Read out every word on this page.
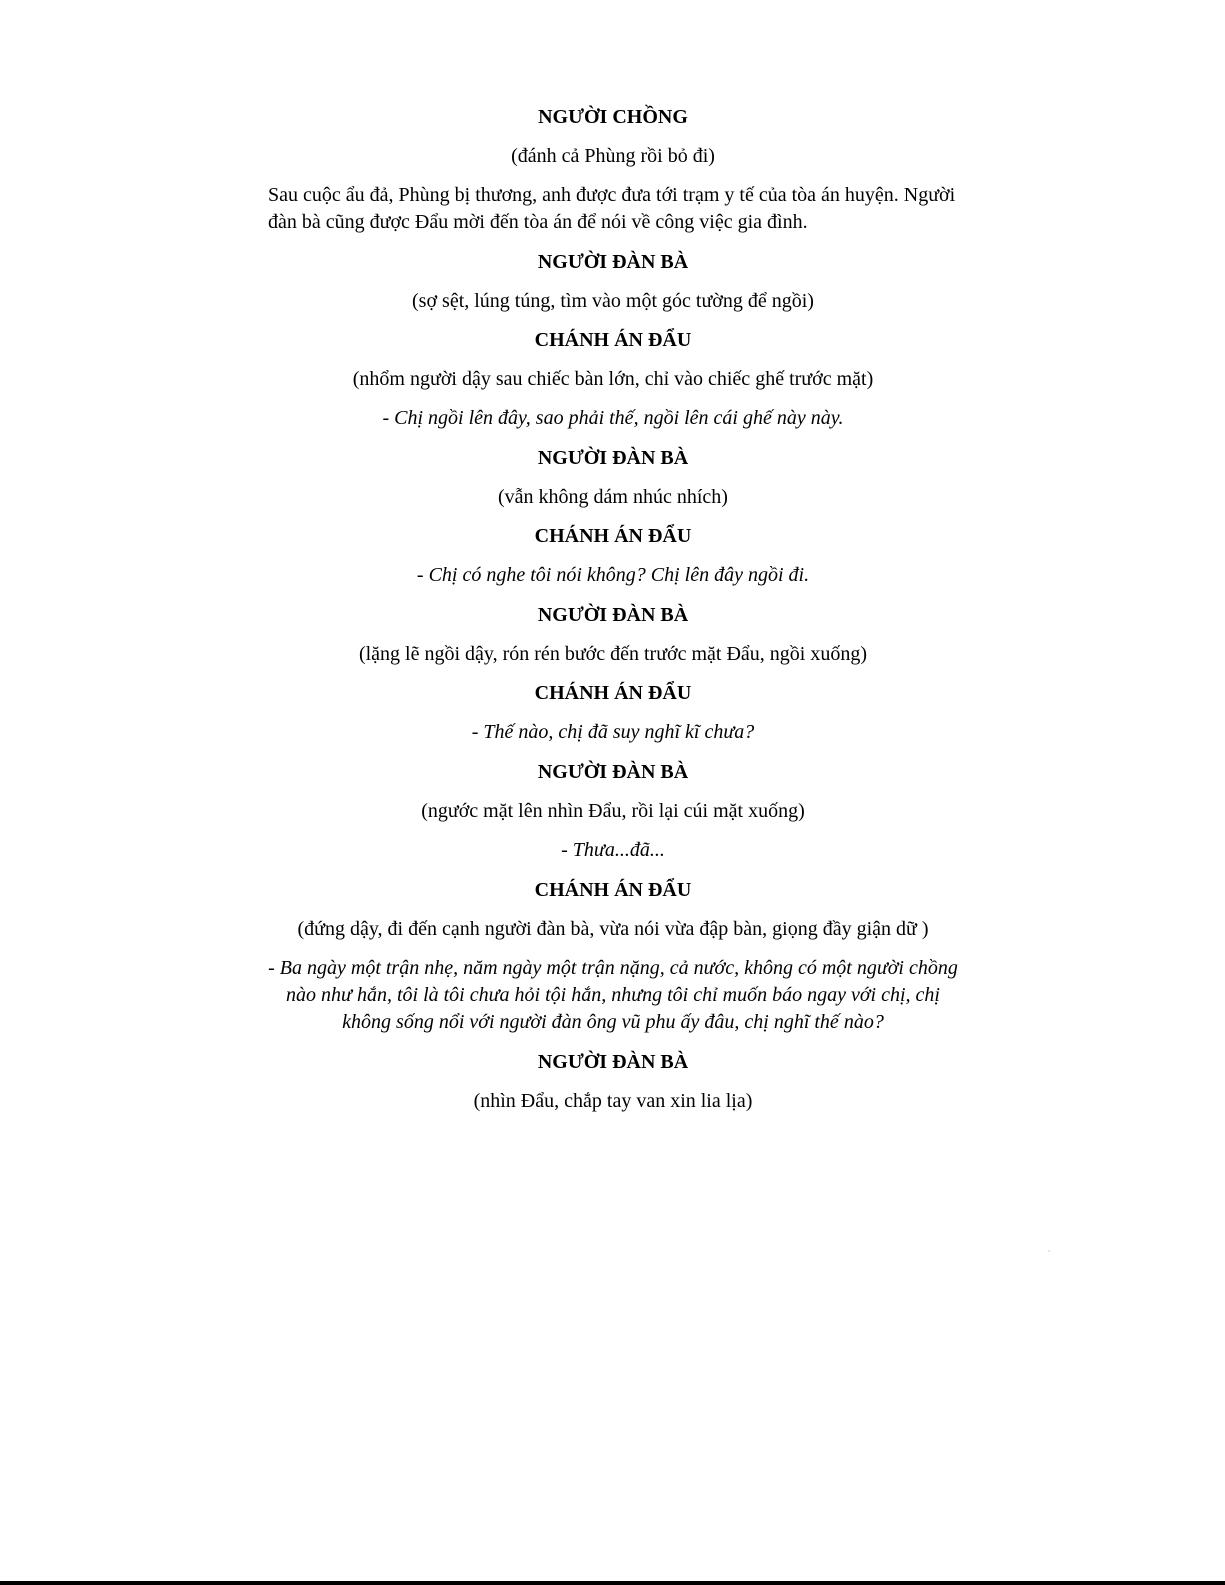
NGƯỜI CHỒNG

(đánh cả Phùng rồi bỏ đi)

Sau cuộc ẩu đả, Phùng bị thương, anh được đưa tới trạm y tế của tòa án huyện. Người đàn bà cũng được Đẩu mời đến tòa án để nói về công việc gia đình.

NGƯỜI ĐÀN BÀ

(sợ sệt, lúng túng, tìm vào một góc tường để ngồi)

CHÁNH ÁN ĐẨU

(nhổm người dậy sau chiếc bàn lớn, chỉ vào chiếc ghế trước mặt)

- Chị ngồi lên đây, sao phải thế, ngồi lên cái ghế này này.

NGƯỜI ĐÀN BÀ

(vẫn không dám nhúc nhích)

CHÁNH ÁN ĐẨU

- Chị có nghe tôi nói không? Chị lên đây ngồi đi.

NGƯỜI ĐÀN BÀ

(lặng lẽ ngồi dậy, rón rén bước đến trước mặt Đẩu, ngồi xuống)

CHÁNH ÁN ĐẨU

- Thế nào, chị đã suy nghĩ kĩ chưa?

NGƯỜI ĐÀN BÀ

(ngước mặt lên nhìn Đẩu, rồi lại cúi mặt xuống)

- Thưa...đã...

CHÁNH ÁN ĐẨU

(đứng dậy, đi đến cạnh người đàn bà, vừa nói vừa đập bàn, giọng đầy giận dữ )

- Ba ngày một trận nhẹ, năm ngày một trận nặng, cả nước, không có một người chồng nào như hắn, tôi là tôi chưa hỏi tội hắn, nhưng tôi chỉ muốn báo ngay với chị, chị không sống nổi với người đàn ông vũ phu ấy đâu, chị nghĩ thế nào?

NGƯỜI ĐÀN BÀ

(nhìn Đẩu, chắp tay van xin lia lịa)
